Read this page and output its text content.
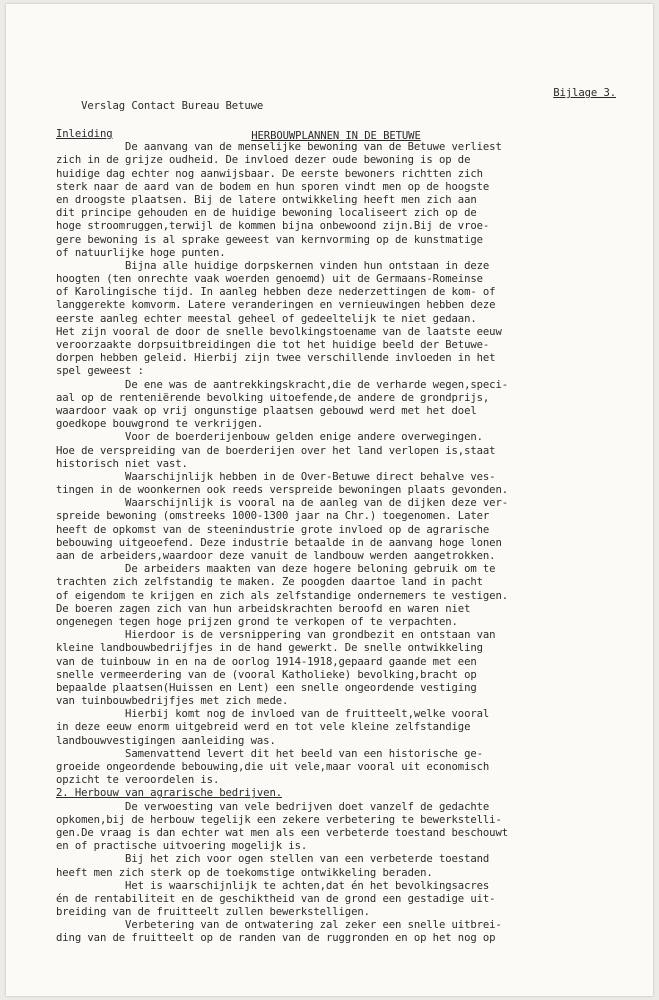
Verslag Contact Bureau Betuwe

Bijlage 3.

HERBOUWPLANNEN IN DE BETUWE

Inleiding
De aanvang van de menselijke bewoning van de Betuwe verliest
zich in de grijze oudheid. De invloed dezer oude bewoning is op de
huidige dag echter nog aanwijsbaar. De eerste bewoners richtten zich
sterk naar de aard van de bodem en hun sporen vindt men op de hoogste
en droogste plaatsen. Bij de latere ontwikkeling heeft men zich aan
dit principe gehouden en de huidige bewoning localiseert zich op de
hoge stroomruggen,terwijl de kommen bijna onbewoond zijn.Bij de vroe-
gere bewoning is al sprake geweest van kernvorming op de kunstmatige
of natuurlijke hoge punten.
Bijna alle huidige dorpskernen vinden hun ontstaan in deze
hoogten (ten onrechte vaak woerden genoemd) uit de Germaans-Romeinse
of Karolingische tijd. In aanleg hebben deze nederzettingen de kom- of
langgerekte komvorm. Latere veranderingen en vernieuwingen hebben deze
eerste aanleg echter meestal geheel of gedeeltelijk te niet gedaan.
Het zijn vooral de door de snelle bevolkingstoename van de laatste eeuw
veroorzaakte dorpsuitbreidingen die tot het huidige beeld der Betuwe-
dorpen hebben geleid. Hierbij zijn twee verschillende invloeden in het
spel geweest :
De ene was de aantrekkingskracht,die de verharde wegen,speci-
aal op de renteniërende bevolking uitoefende,de andere de grondprijs,
waardoor vaak op vrij ongunstige plaatsen gebouwd werd met het doel
goedkope bouwgrond te verkrijgen.
Voor de boerderijenbouw gelden enige andere overwegingen.
Hoe de verspreiding van de boerderijen over het land verlopen is,staat
historisch niet vast.
Waarschijnlijk hebben in de Over-Betuwe direct behalve ves-
tingen in de woonkernen ook reeds verspreide bewoningen plaats gevonden.
Waarschijnlijk is vooral na de aanleg van de dijken deze ver-
spreide bewoning (omstreeks 1000-1300 jaar na Chr.) toegenomen. Later
heeft de opkomst van de steenindustrie grote invloed op de agrarische
bebouwing uitgeoefend. Deze industrie betaalde in de aanvang hoge lonen
aan de arbeiders,waardoor deze vanuit de landbouw werden aangetrokken.
De arbeiders maakten van deze hogere beloning gebruik om te
trachten zich zelfstandig te maken. Ze poogden daartoe land in pacht
of eigendom te krijgen en zich als zelfstandige ondernemers te vestigen.
De boeren zagen zich van hun arbeidskrachten beroofd en waren niet
ongenegen tegen hoge prijzen grond te verkopen of te verpachten.
Hierdoor is de versnippering van grondbezit en ontstaan van
kleine landbouwbedrijfjes in de hand gewerkt. De snelle ontwikkeling
van de tuinbouw in en na de oorlog 1914-1918,gepaard gaande met een
snelle vermeerdering van de (vooral Katholieke) bevolking,bracht op
bepaalde plaatsen(Huissen en Lent) een snelle ongeordende vestiging
van tuinbouwbedrijfjes met zich mede.
Hierbij komt nog de invloed van de fruitteelt,welke vooral
in deze eeuw enorm uitgebreid werd en tot vele kleine zelfstandige
landbouwvestigingen aanleiding was.
Samenvattend levert dit het beeld van een historische ge-
groeide ongeordende bebouwing,die uit vele,maar vooral uit economisch
opzicht te veroordelen is.
2. Herbouw van agrarische bedrijven.
De verwoesting van vele bedrijven doet vanzelf de gedachte
opkomen,bij de herbouw tegelijk een zekere verbetering te bewerkstelli-
gen.De vraag is dan echter wat men als een verbeterde toestand beschouwt
en of practische uitvoering mogelijk is.
Bij het zich voor ogen stellen van een verbeterde toestand
heeft men zich sterk op de toekomstige ontwikkeling beraden.
Het is waarschijnlijk te achten,dat én het bevolkingsacres
én de rentabiliteit en de geschiktheid van de grond een gestadige uit-
breiding van de fruitteelt zullen bewerkstelligen.
Verbetering van de ontwatering zal zeker een snelle uitbrei-
ding van de fruitteelt op de randen van de ruggronden en op het nog op
